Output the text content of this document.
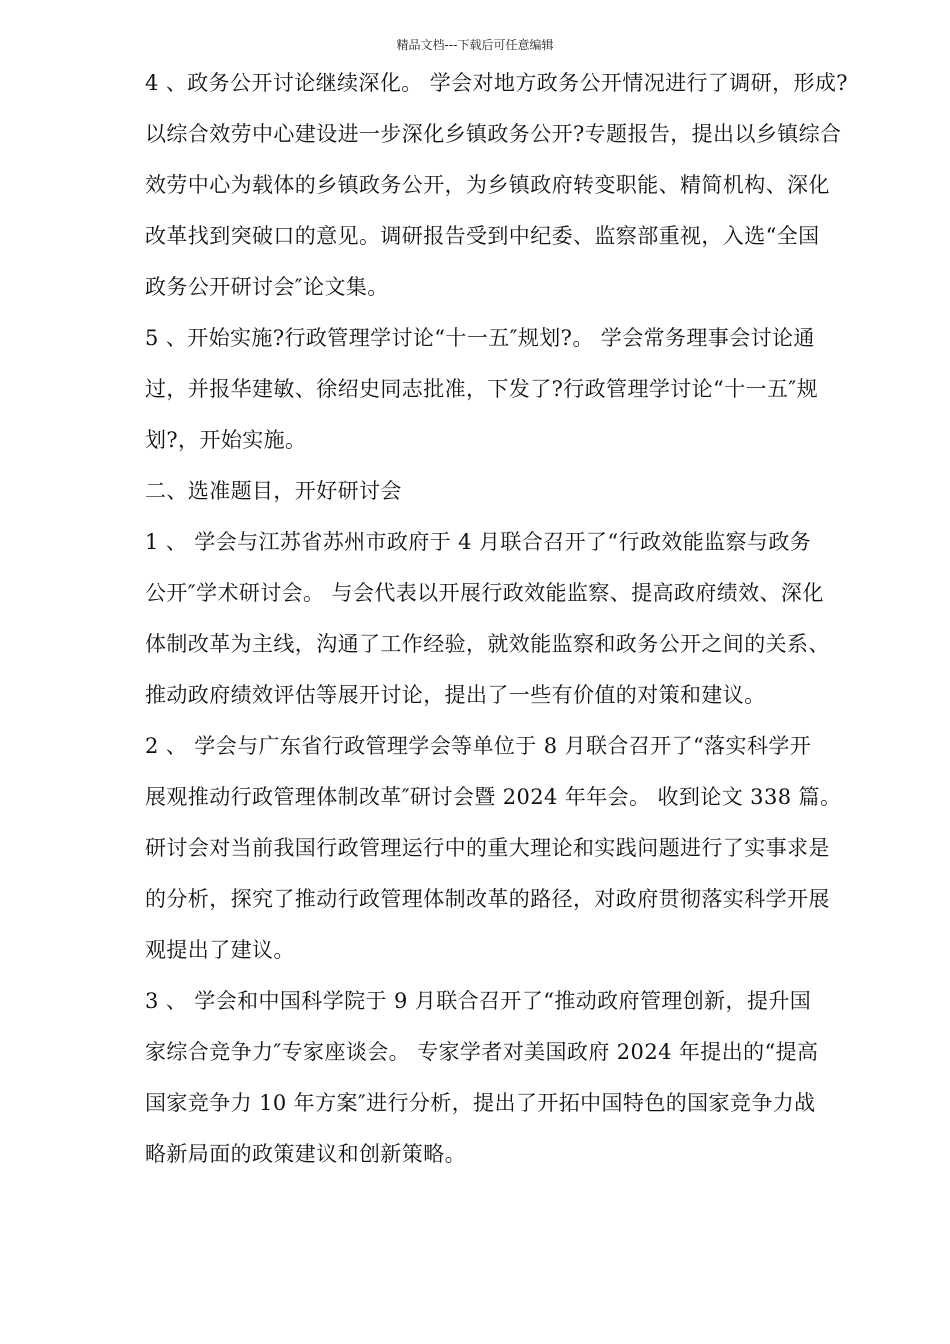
精品文档---下载后可任意编辑
4 、政务公开讨论继续深化。 学会对地方政务公开情况进行了调研，形成?
以综合效劳中心建设进一步深化乡镇政务公开?专题报告，提出以乡镇综合
效劳中心为载体的乡镇政务公开，为乡镇政府转变职能、精简机构、深化
改革找到突破口的意见。调研报告受到中纪委、监察部重视，入选“全国
政务公开研讨会″论文集。
5 、开始实施?行政管理学讨论“十一五″规划?。 学会常务理事会讨论通
过，并报华建敏、徐绍史同志批准，下发了?行政管理学讨论“十一五″规
划?，开始实施。
二、选准题目，开好研讨会
1 、 学会与江苏省苏州市政府于 4 月联合召开了“行政效能监察与政务
公开″学术研讨会。 与会代表以开展行政效能监察、提高政府绩效、深化
体制改革为主线，沟通了工作经验，就效能监察和政务公开之间的关系、
推动政府绩效评估等展开讨论，提出了一些有价值的对策和建议。
2 、 学会与广东省行政管理学会等单位于 8 月联合召开了“落实科学开
展观推动行政管理体制改革″研讨会暨 2024 年年会。 收到论文 338 篇。
研讨会对当前我国行政管理运行中的重大理论和实践问题进行了实事求是
的分析，探究了推动行政管理体制改革的路径，对政府贯彻落实科学开展
观提出了建议。
3 、 学会和中国科学院于 9 月联合召开了“推动政府管理创新，提升国
家综合竞争力″专家座谈会。 专家学者对美国政府 2024 年提出的“提高
国家竞争力 10 年方案″进行分析，提出了开拓中国特色的国家竞争力战
略新局面的政策建议和创新策略。
